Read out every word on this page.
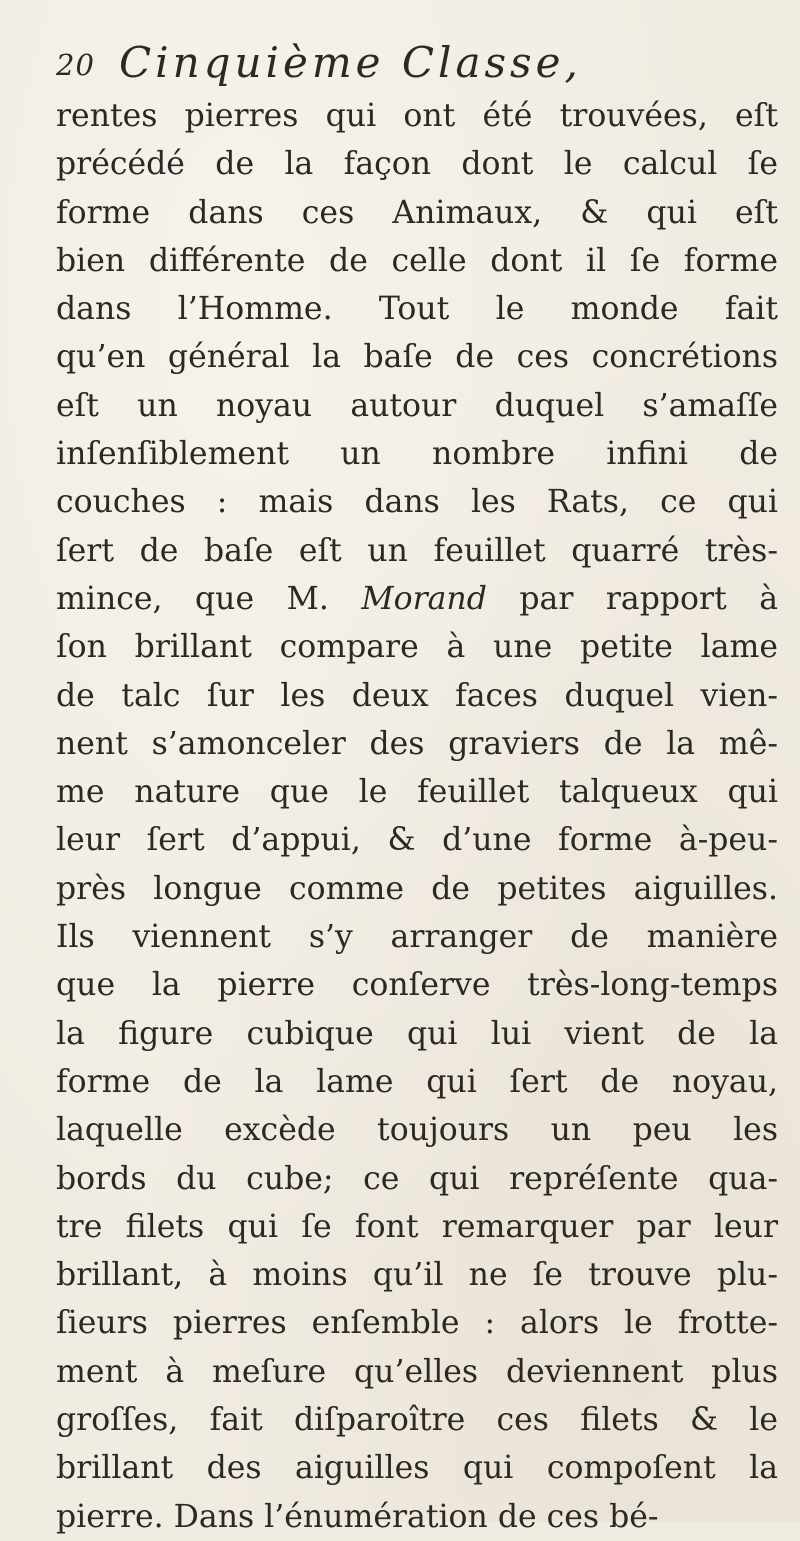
20 Cinquième Classe,
rentes pierres qui ont été trouvées, eſt
précédé de la façon dont le calcul ſe
forme dans ces Animaux, & qui eſt
bien différente de celle dont il ſe forme
dans l’Homme. Tout le monde fait
qu’en général la baſe de ces concrétions
eſt un noyau autour duquel s’amaſſe
inſenſiblement un nombre infini de
couches : mais dans les Rats, ce qui
ſert de baſe eſt un feuillet quarré très-
mince, que M. Morand par rapport à
ſon brillant compare à une petite lame
de talc ſur les deux faces duquel vien-
nent s’amonceler des graviers de la mê-
me nature que le feuillet talqueux qui
leur ſert d’appui, & d’une forme à-peu-
près longue comme de petites aiguilles.
Ils viennent s’y arranger de manière
que la pierre conſerve très-long-temps
la figure cubique qui lui vient de la
forme de la lame qui ſert de noyau,
laquelle excède toujours un peu les
bords du cube; ce qui repréſente qua-
tre filets qui ſe font remarquer par leur
brillant, à moins qu’il ne ſe trouve plu-
ſieurs pierres enſemble : alors le frotte-
ment à meſure qu’elles deviennent plus
groſſes, fait diſparoître ces filets & le
brillant des aiguilles qui compoſent la
pierre. Dans l’énumération de ces bé-
